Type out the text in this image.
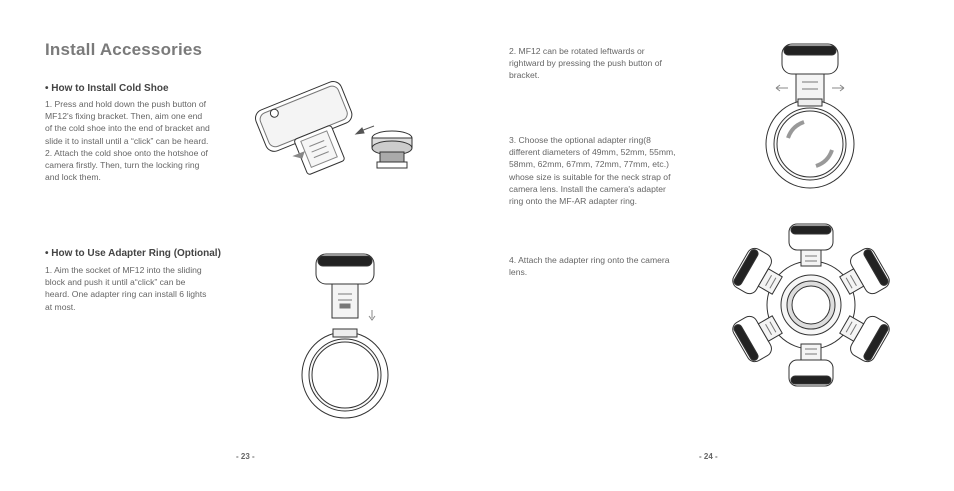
Install Accessories
• How to Install Cold Shoe

1. Press and hold down the push button of
MF12's fixing bracket. Then, aim one end
of the cold shoe into the end of bracket and
slide it to install until a “click” can be heard.
2. Attach the cold shoe onto the hotshoe of
camera firstly. Then, turn the locking ring
and lock them.

• How to Use Adapter Ring (Optional)

1. Aim the socket of MF12 into the sliding
block and push it until a“click” can be
heard. One adapter ring can install 6 lights
at most.

- 23 -

2. MF12 can be rotated leftwards or
rightward by pressing the push button of
bracket.

3. Choose the optional adapter ring(8
different diameters of 49mm, 52mm, 55mm,
58mm, 62mm, 67mm, 72mm, 77mm, etc.)
whose size is suitable for the neck strap of
camera lens. Install the camera's adapter
ring onto the MF-AR adapter ring.

4. Attach the adapter ring onto the camera
lens.

- 24 -
